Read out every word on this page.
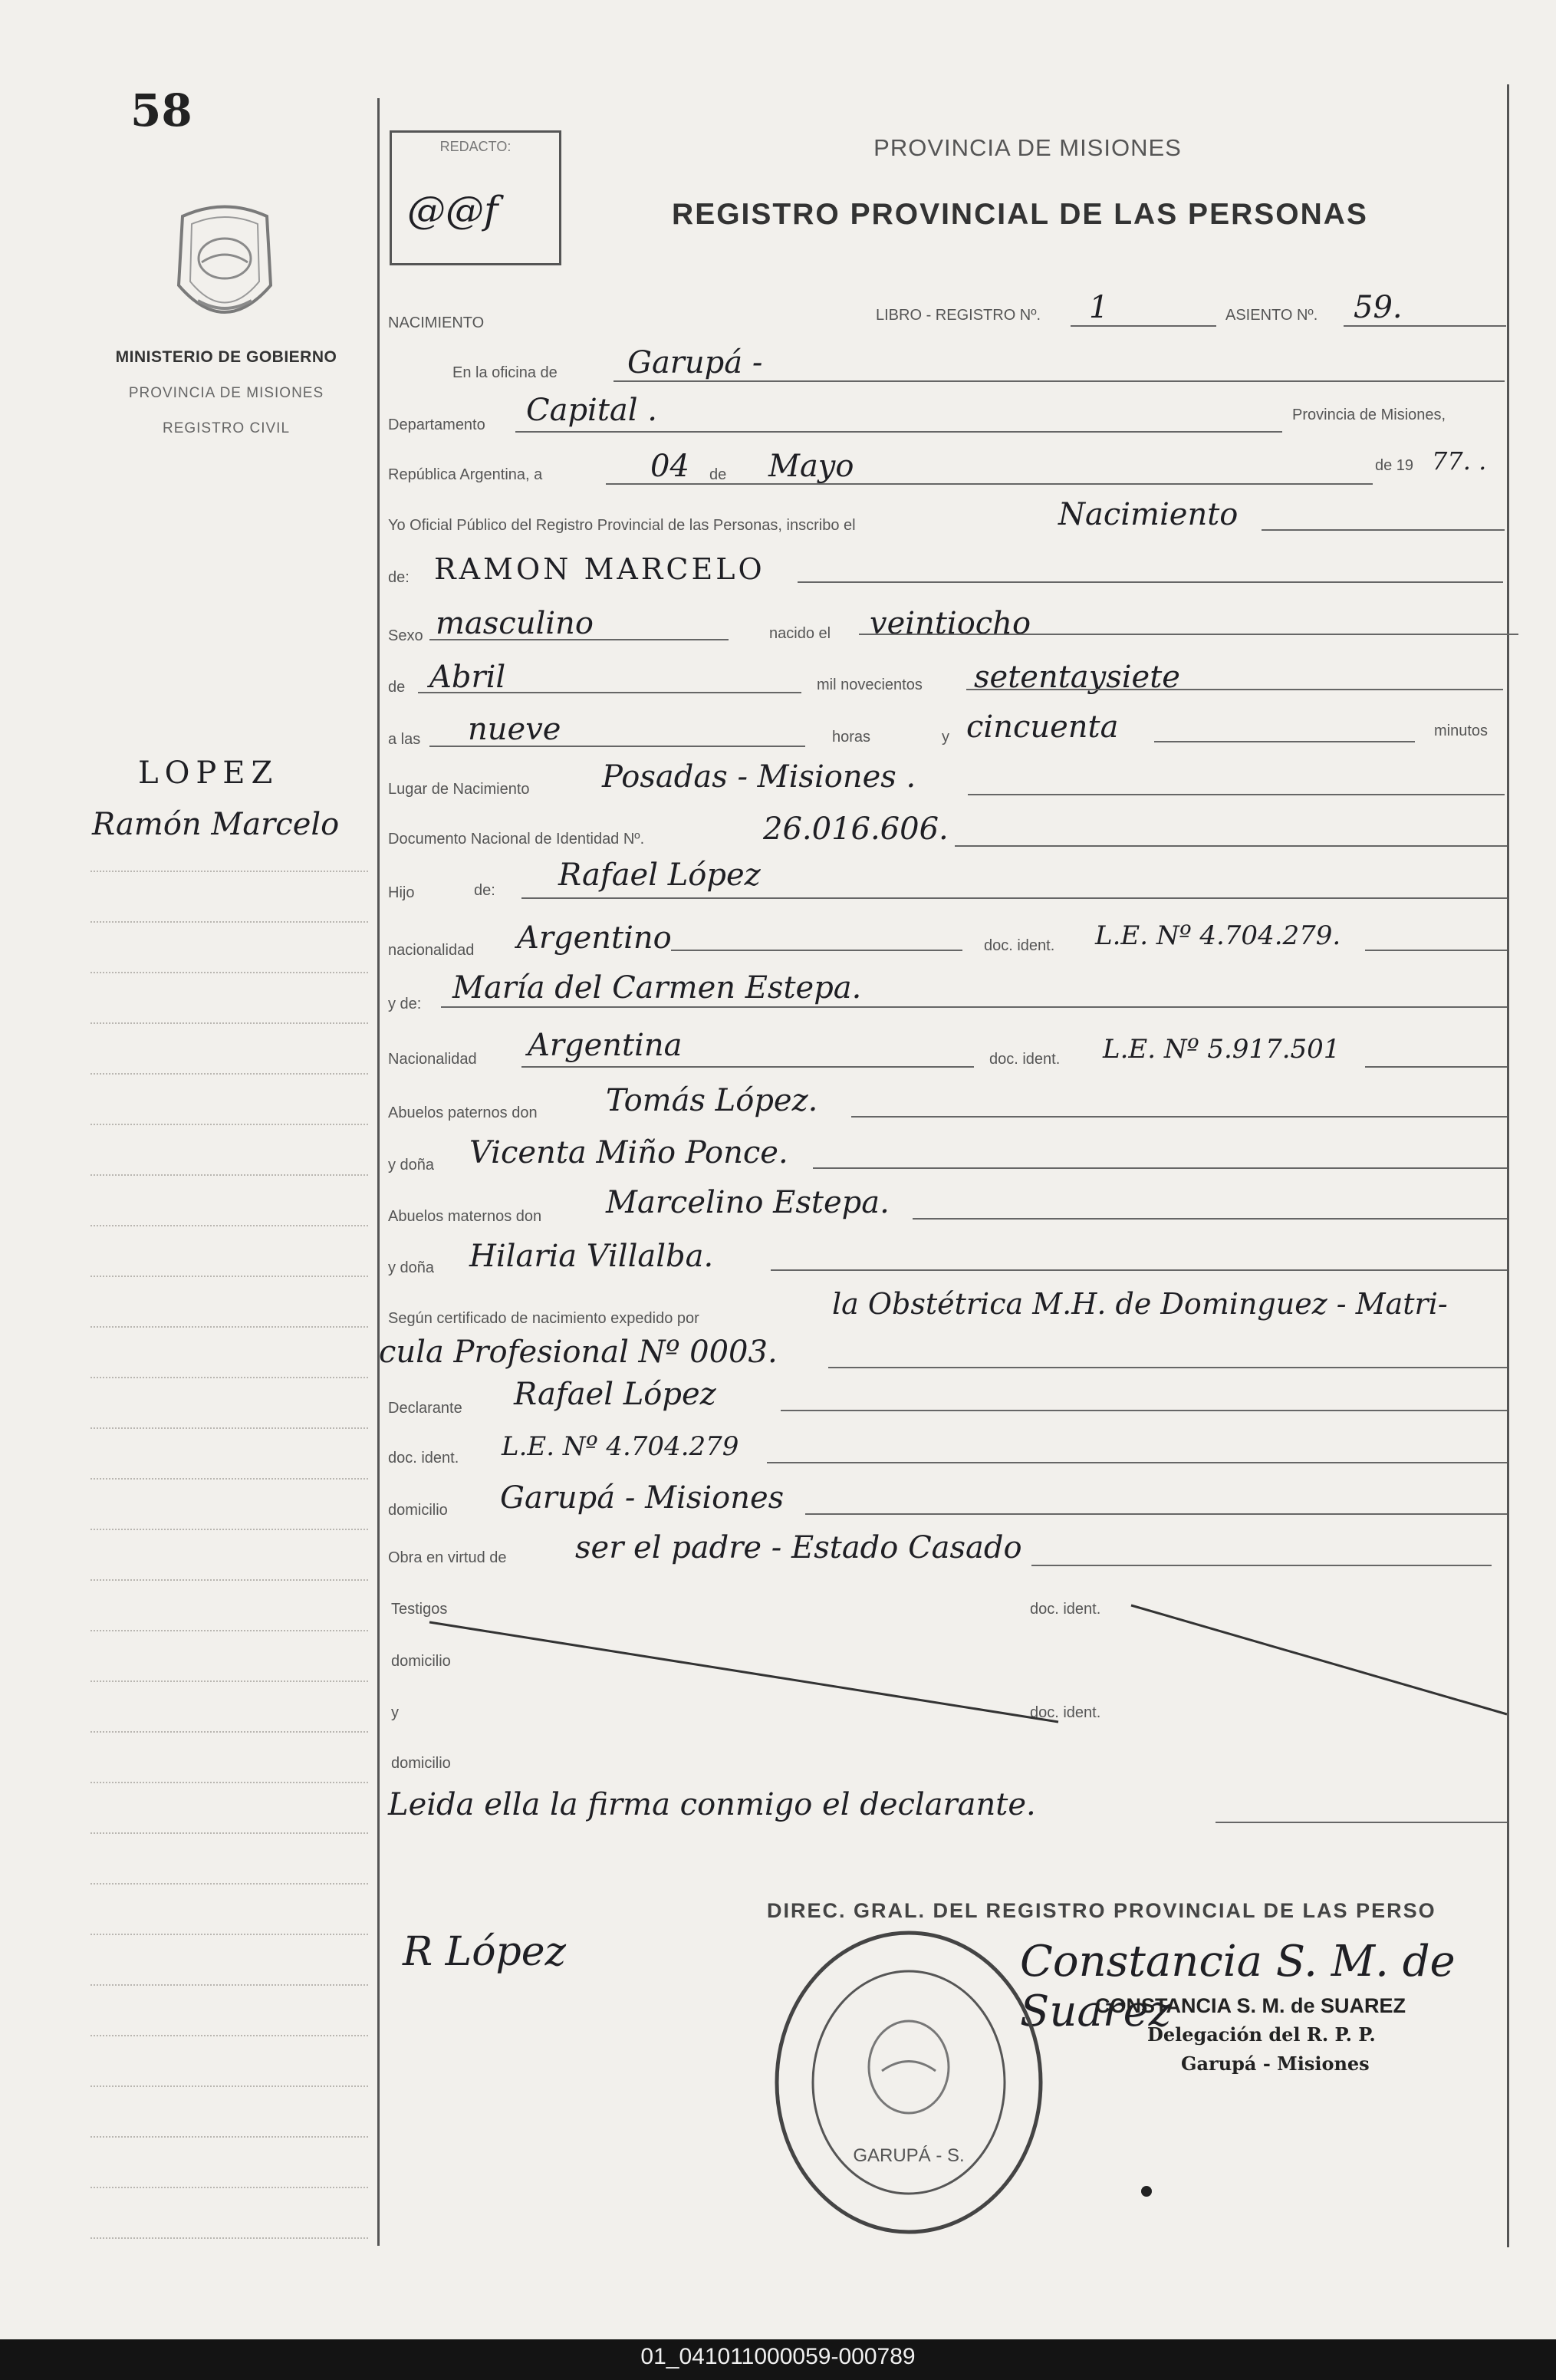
58
MINISTERIO DE GOBIERNO
PROVINCIA DE MISIONES
REGISTRO CIVIL
LOPEZ
Ramón Marcelo
REDACTO:
@@f
PROVINCIA DE MISIONES
REGISTRO PROVINCIAL DE LAS PERSONAS
NACIMIENTO	LIBRO - REGISTRO Nº. 1	ASIENTO Nº. 59.
En la oficina de Garupá -
Departamento Capital .	Provincia de Misiones,
República Argentina, a	04 de Mayo	de 19 77. .
Yo Oficial Público del Registro Provincial de las Personas, inscribo el	Nacimiento
de: RAMON MARCELO
Sexo masculino	nacido el veintiocho
de Abril	mil novecientos setentaysiete
a las nueve	horas	y cincuenta	minutos
Lugar de Nacimiento Posadas - Misiones .
Documento Nacional de Identidad Nº.	26.016.606.
Hijo	de: Rafael López
nacionalidad Argentino	doc. ident. L.E. Nº 4.704.279.
y de: María del Carmen Estepa.
Nacionalidad Argentina	doc. ident. L.E. Nº 5.917.501
Abuelos paternos don Tomás López.
y doña Vicenta Miño Ponce.
Abuelos maternos don Marcelino Estepa.
y doña Hilaria Villalba.
Según certificado de nacimiento expedido por	la Obstétrica M.H. de Dominguez - Matri-
cula Profesional Nº 0003.
Declarante Rafael López
doc. ident. L.E. Nº 4.704.279
domicilio Garupá - Misiones
Obra en virtud de ser el padre - Estado Casado
Testigos	doc. ident.
domicilio
y	doc. ident.
domicilio
Leida ella la firma conmigo el declarante.
R López	Constancia S. M. de Suarez
CONSTANCIA S. M. de SUAREZ
Delegación del R. P. P.
Garupá - Misiones
DIREC. GRAL. DEL REGISTRO PROVINCIAL DE LAS PERSO
GARUPÁ - S.
01_041011000059-000789
